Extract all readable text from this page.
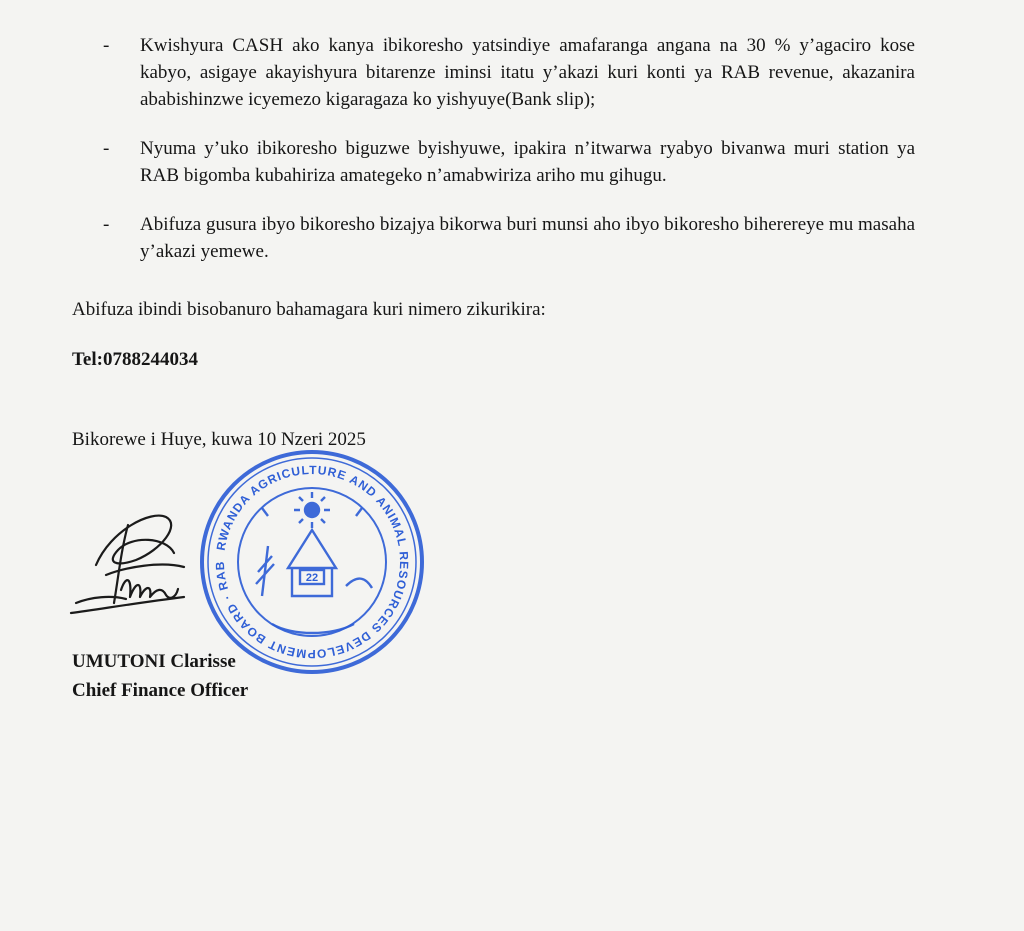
- Kwishyura CASH ako kanya ibikoresho yatsindiye amafaranga angana na 30 % y’agaciro kose kabyo, asigaye akayishyura bitarenze iminsi itatu y’akazi kuri konti ya RAB revenue, akazanira ababishinzwe icyemezo kigaragaza ko yishyuye(Bank slip);
- Nyuma y’uko ibikoresho biguzwe byishyuwe, ipakira n’itwarwa ryabyo bivanwa muri station ya RAB bigomba kubahiriza amategeko n’amabwiriza ariho mu gihugu.
- Abifuza gusura ibyo bikoresho bizajya bikorwa buri munsi aho ibyo bikoresho biherereye mu masaha y’akazi yemewe.
Abifuza ibindi bisobanuro bahamagara kuri nimero zikurikira:
Tel:0788244034
Bikorewe i Huye, kuwa 10 Nzeri 2025
RWANDA AGRICULTURE AND ANIMAL RESOURCES DEVELOPMENT BOARD · RAB
22
UMUTONI Clarisse
Chief Finance Officer
